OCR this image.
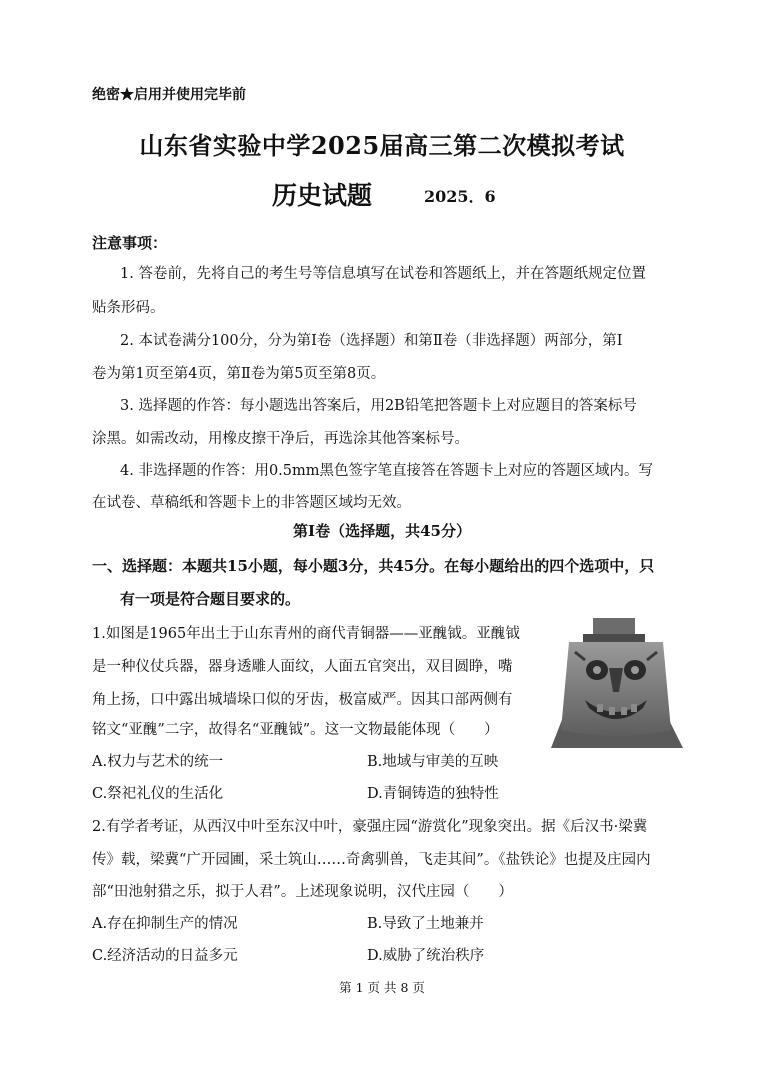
绝密★启用并使用完毕前
山东省实验中学2025届高三第二次模拟考试
历史试题	2025．6
注意事项：
1. 答卷前，先将自己的考生号等信息填写在试卷和答题纸上，并在答题纸规定位置
贴条形码。
2. 本试卷满分100分，分为第Ⅰ卷（选择题）和第Ⅱ卷（非选择题）两部分，第Ⅰ
卷为第1页至第4页，第Ⅱ卷为第5页至第8页。
3. 选择题的作答：每小题选出答案后，用2B铅笔把答题卡上对应题目的答案标号
涂黑。如需改动，用橡皮擦干净后，再选涂其他答案标号。
4. 非选择题的作答：用0.5mm黑色签字笔直接答在答题卡上对应的答题区域内。写
在试卷、草稿纸和答题卡上的非答题区域均无效。
第Ⅰ卷（选择题，共45分）
一、选择题：本题共15小题，每小题3分，共45分。在每小题给出的四个选项中，只
有一项是符合题目要求的。
1.如图是1965年出土于山东青州的商代青铜器——亚醜钺。亚醜钺
是一种仪仗兵器，器身透雕人面纹，人面五官突出，双目圆睁，嘴
角上扬，口中露出城墙垛口似的牙齿，极富威严。因其口部两侧有
铭文“亚醜”二字，故得名“亚醜钺”。这一文物最能体现（　　）
A.权力与艺术的统一	B.地域与审美的互映
C.祭祀礼仪的生活化	D.青铜铸造的独特性
2.有学者考证，从西汉中叶至东汉中叶，豪强庄园“游赏化”现象突出。据《后汉书·梁冀
传》载，梁冀“广开园圃，采土筑山……奇禽驯兽，飞走其间”。《盐铁论》也提及庄园内
部“田池射猎之乐，拟于人君”。上述现象说明，汉代庄园（　　）
A.存在抑制生产的情况	B.导致了土地兼并
C.经济活动的日益多元	D.威胁了统治秩序
第 1 页 共 8 页
